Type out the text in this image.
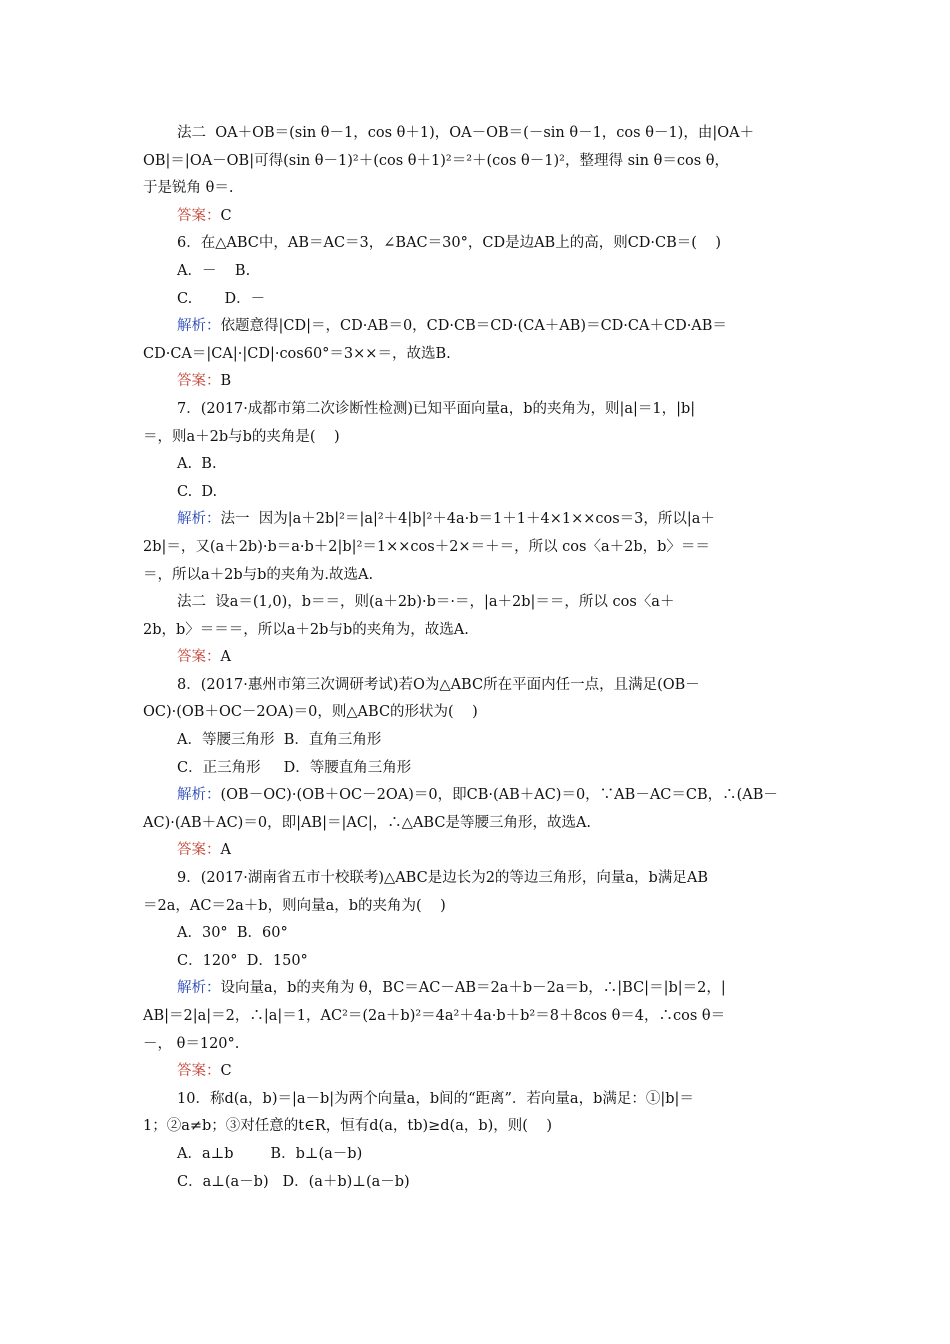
法二  OA＋OB＝(sin θ－1，cos θ＋1)，OA－OB＝(－sin θ－1，cos θ－1)，由|OA＋
OB|＝|OA－OB|可得(sin θ－1)²＋(cos θ＋1)²＝²＋(cos θ－1)²，整理得 sin θ＝cos θ，
于是锐角 θ＝.
答案：C
6．在△ABC中，AB＝AC＝3，∠BAC＝30°，CD是边AB上的高，则CD·CB＝(    )
A．－    B.
C.       D．－
解析：依题意得|CD|＝，CD·AB＝0，CD·CB＝CD·(CA＋AB)＝CD·CA＋CD·AB＝
CD·CA＝|CA|·|CD|·cos60°＝3××＝，故选B.
答案：B
7．(2017·成都市第二次诊断性检测)已知平面向量a，b的夹角为，则|a|＝1，|b|
＝，则a＋2b与b的夹角是(    )
A.  B.
C.  D.
解析：法一  因为|a＋2b|²＝|a|²＋4|b|²＋4a·b＝1＋1＋4×1××cos＝3，所以|a＋
2b|＝，又(a＋2b)·b＝a·b＋2|b|²＝1××cos＋2×＝＋＝，所以 cos〈a＋2b，b〉＝＝
＝，所以a＋2b与b的夹角为.故选A.
法二  设a＝(1,0)，b＝＝，则(a＋2b)·b＝·＝，|a＋2b|＝＝，所以 cos〈a＋
2b，b〉＝＝＝，所以a＋2b与b的夹角为，故选A.
答案：A
8．(2017·惠州市第三次调研考试)若O为△ABC所在平面内任一点，且满足(OB－
OC)·(OB＋OC－2OA)＝0，则△ABC的形状为(    )
A．等腰三角形  B．直角三角形
C．正三角形     D．等腰直角三角形
解析：(OB－OC)·(OB＋OC－2OA)＝0，即CB·(AB＋AC)＝0，∵AB－AC＝CB，∴(AB－
AC)·(AB＋AC)＝0，即|AB|＝|AC|，∴△ABC是等腰三角形，故选A.
答案：A
9．(2017·湖南省五市十校联考)△ABC是边长为2的等边三角形，向量a，b满足AB
＝2a，AC＝2a＋b，则向量a，b的夹角为(    )
A．30°  B．60°
C．120°  D．150°
解析：设向量a，b的夹角为 θ，BC＝AC－AB＝2a＋b－2a＝b，∴|BC|＝|b|＝2，|
AB|＝2|a|＝2，∴|a|＝1，AC²＝(2a＋b)²＝4a²＋4a·b＋b²＝8＋8cos θ＝4，∴cos θ＝
－， θ＝120°.
答案：C
10．称d(a，b)＝|a－b|为两个向量a，b间的“距离”．若向量a，b满足：①|b|＝
1；②a≠b；③对任意的t∈R，恒有d(a，tb)≥d(a，b)，则(    )
A．a⊥b        B．b⊥(a－b)
C．a⊥(a－b)   D．(a＋b)⊥(a－b)
